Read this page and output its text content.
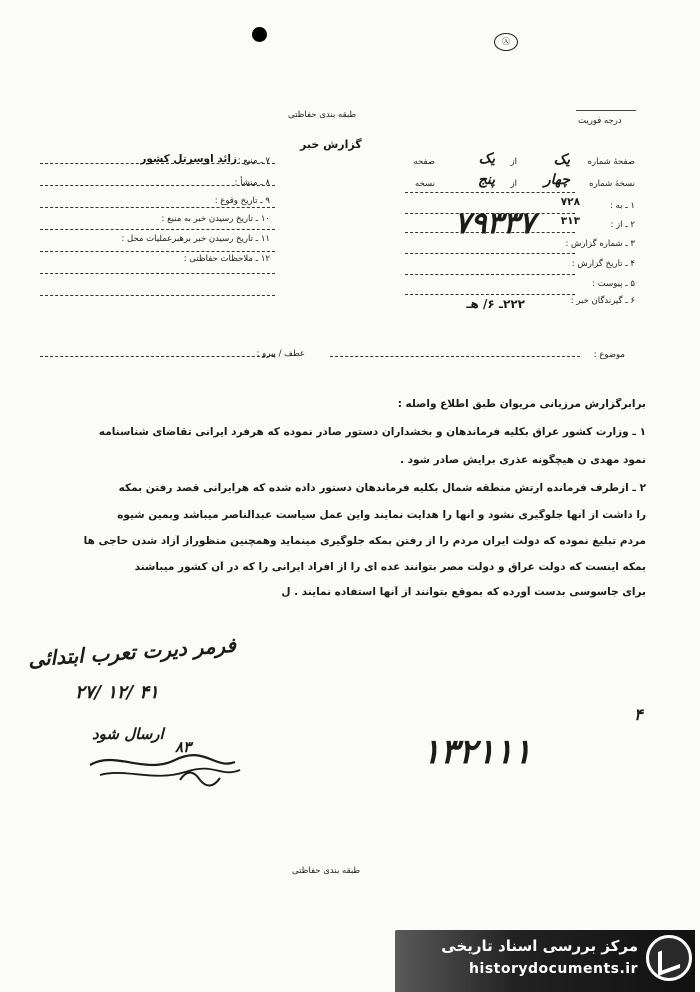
Ⓐ
طبقه بندی حفاظتی
گزارش خبر
درجه فوریت
۷ ـ منبع :
زائد اوسرتل کشور
۸ ـ منشأ :
۹ ـ تاریخ وقوع :
۱۰ ـ تاریخ رسیدن خبر به منبع :
۱۱ ـ تاریخ رسیدن خبر برهبرعملیات محل :
۱۲ ـ ملاحظات حفاظتی :
صفحهٔ شماره
یک
از
یک
صفحه
نسخهٔ شماره
چهار
از
پنج
نسخه
۱ ـ به :
۷۲۸
۲ ـ از :
۳۱۳
۳ ـ شماره گزارش :
۷۹۳۳۷
۴ ـ تاریخ گزارش :
۵ ـ پیوست :
۶ ـ گیرندگان خبر :
۲۲۲ـ ۶/ هـ
عطف / پیرو :	موضوع :
برابرگزارش مرزبانی مریوان طبق اطلاع واصله :
۱ ـ وزارت کشور عراق بکلیه فرماندهان و بخشداران دستور صادر نموده که هرفرد ایرانی تقاضای شناسنامه
نمود مهدی ن هیچگونه عذری برایش صادر شود .
۲ ـ ازطرف فرمانده ارتش منطقه شمال بکلیه فرماندهان دستور داده شده که هرایرانی قصد رفتن بمکه
را داشت از آنها جلوگیری نشود و آنها را هدایت نمایند واین عمل سیاست عبدالناصر میباشد وبمین شیوه
مردم تبلیغ نموده که دولت ایران مردم را از رفتن بمکه جلوگیری مینماید وهمچنین منظوراز آزاد شدن حاجی ها
بمکه اینست که دولت عراق و دولت مصر بتوانند عده ای را از افراد ایرانی را که در آن کشور میباشند
برای جاسوسی بدست آورده که بموقع بتوانند از آنها استفاده نمایند . ل
فرمر دیرت تعرب ابتدائی
۲۷/ ۱۲/ ۴۱
ارسال شود
۸۳	۱۳۲۱۱۱
۴
طبقه بندی حفاظتی
مرکز بررسی اسناد تاریخی
historydocuments.ir
